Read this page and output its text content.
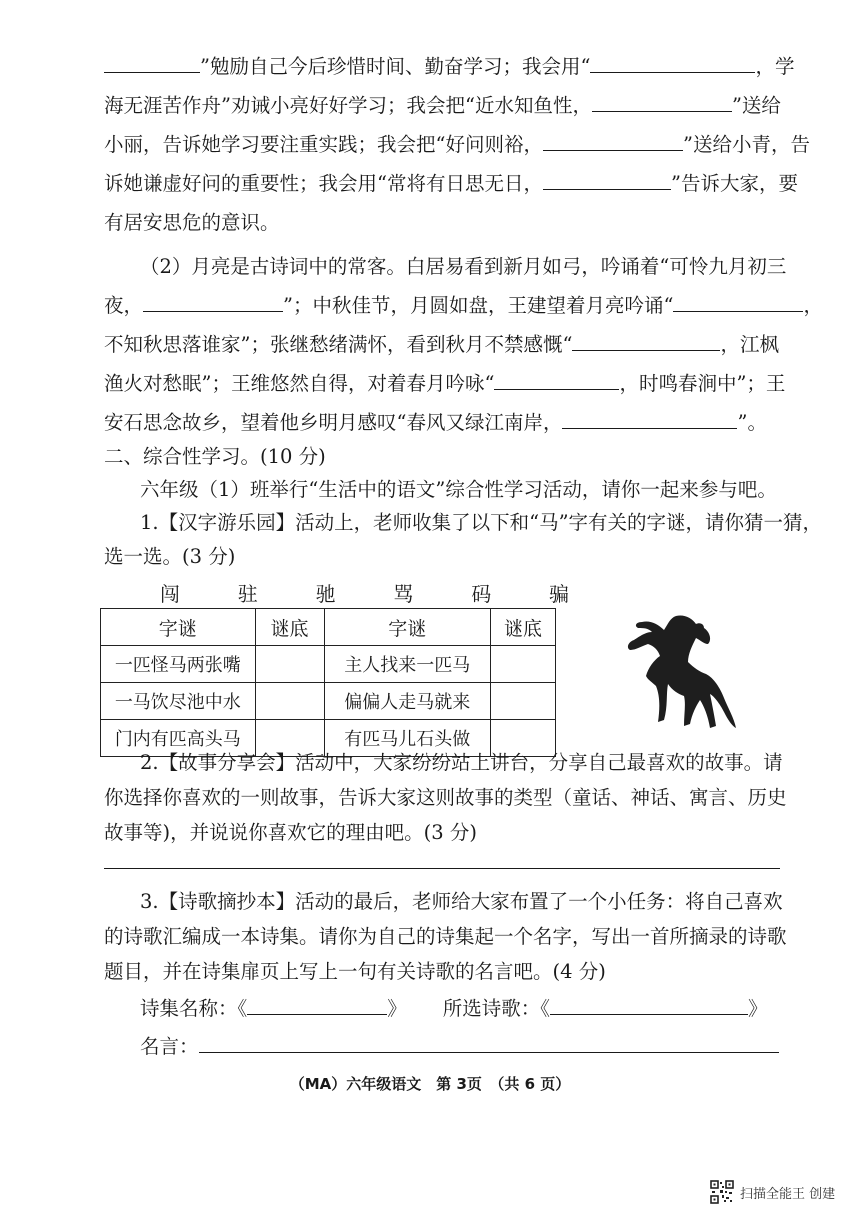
”勉励自己今后珍惜时间、勤奋学习；我会用“	，学
海无涯苦作舟”劝诫小亮好好学习；我会把“近水知鱼性，	”送给
小丽，告诉她学习要注重实践；我会把“好问则裕，	”送给小青，告
诉她谦虚好问的重要性；我会用“常将有日思无日，	”告诉大家，要
有居安思危的意识。
（2）月亮是古诗词中的常客。白居易看到新月如弓，吟诵着“可怜九月初三
夜，	”；中秋佳节，月圆如盘，王建望着月亮吟诵“	，
不知秋思落谁家”；张继愁绪满怀，看到秋月不禁感慨“	，江枫
渔火对愁眠”；王维悠然自得，对着春月吟咏“	，时鸣春涧中”；王
安石思念故乡，望着他乡明月感叹“春风又绿江南岸，	”。
二、综合性学习。(10 分)
六年级（1）班举行“生活中的语文”综合性学习活动，请你一起来参与吧。
1.【汉字游乐园】活动上，老师收集了以下和“马”字有关的字谜，请你猜一猜，
选一选。(3 分)
闯	驻	驰	骂	码	骗
字谜	谜底	字谜	谜底
一匹怪马两张嘴		主人找来一匹马	
一马饮尽池中水		偏偏人走马就来	
门内有匹高头马		有匹马儿石头做	
2.【故事分享会】活动中，大家纷纷站上讲台，分享自己最喜欢的故事。请
你选择你喜欢的一则故事，告诉大家这则故事的类型（童话、神话、寓言、历史
故事等)，并说说你喜欢它的理由吧。(3 分)
3.【诗歌摘抄本】活动的最后，老师给大家布置了一个小任务：将自己喜欢
的诗歌汇编成一本诗集。请你为自己的诗集起一个名字，写出一首所摘录的诗歌
题目，并在诗集扉页上写上一句有关诗歌的名言吧。(4 分)
诗集名称：《	》 所选诗歌：《	》
名言：
（MA）六年级语文　第 3页　（共 6 页）
扫描全能王 创建
